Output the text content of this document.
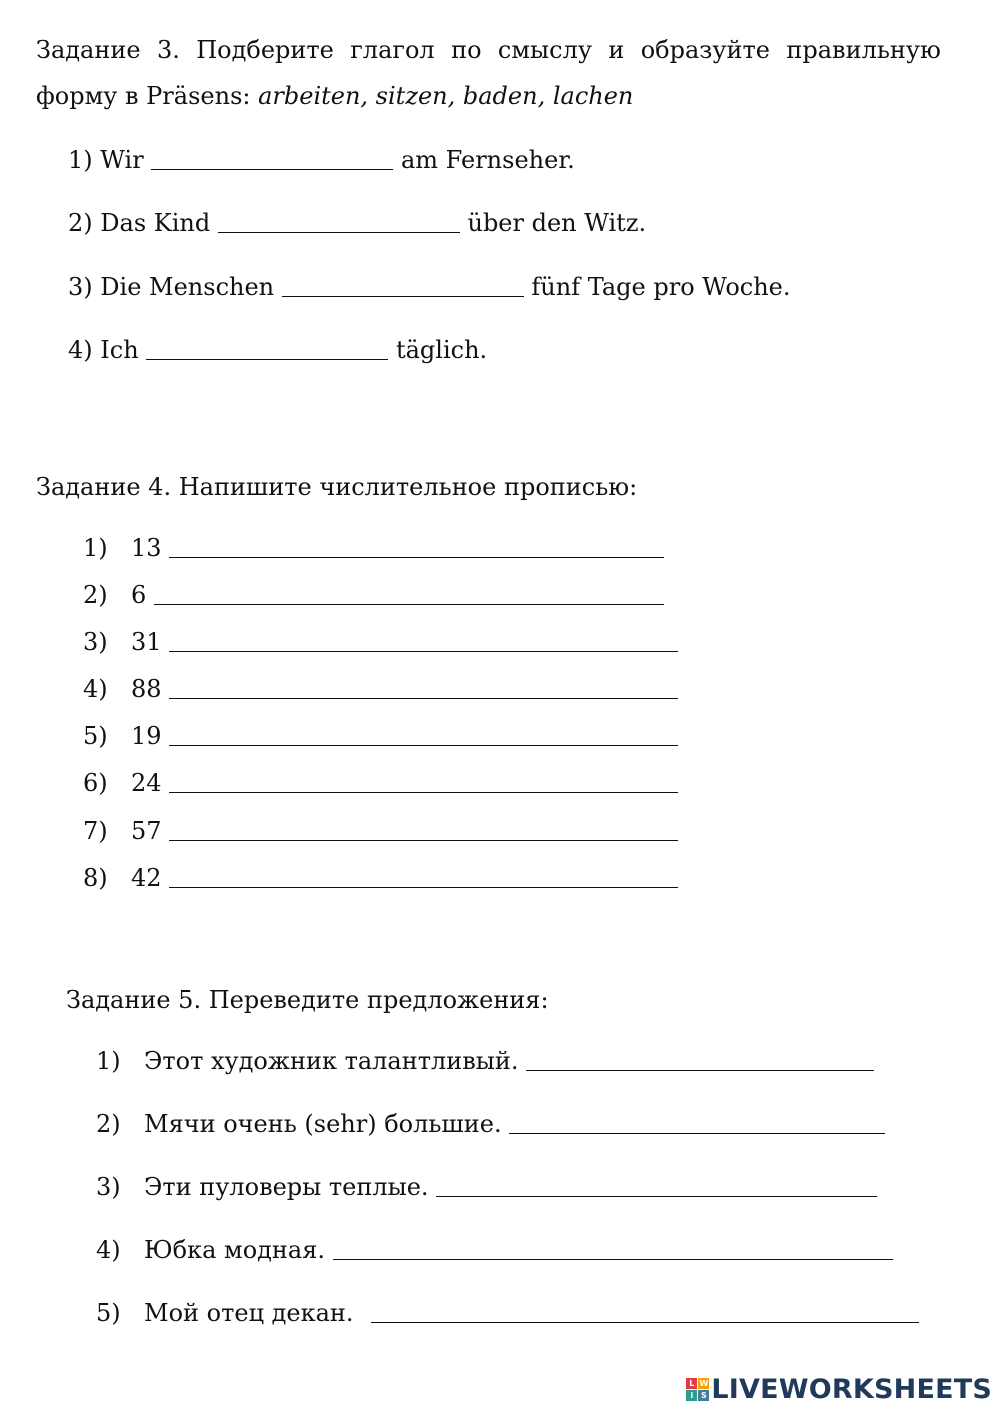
Задание 3. Подберите глагол по смыслу и образуйте правильную
форму в Präsens: arbeiten, sitzen, baden, lachen
1) Wir	am Fernseher.
2) Das Kind	über den Witz.
3) Die Menschen	fünf Tage pro Woche.
4) Ich	täglich.
Задание 4. Напишите числительное прописью:
1) 13
2) 6
3) 31
4) 88
5) 19
6) 24
7) 57
8) 42
Задание 5. Переведите предложения:
1) Этот художник талантливый.
2) Мячи очень (sehr) большие.
3) Эти пуловеры теплые.
4) Юбка модная.
5) Мой отец декан.
L W
i S LIVEWORKSHEETS
